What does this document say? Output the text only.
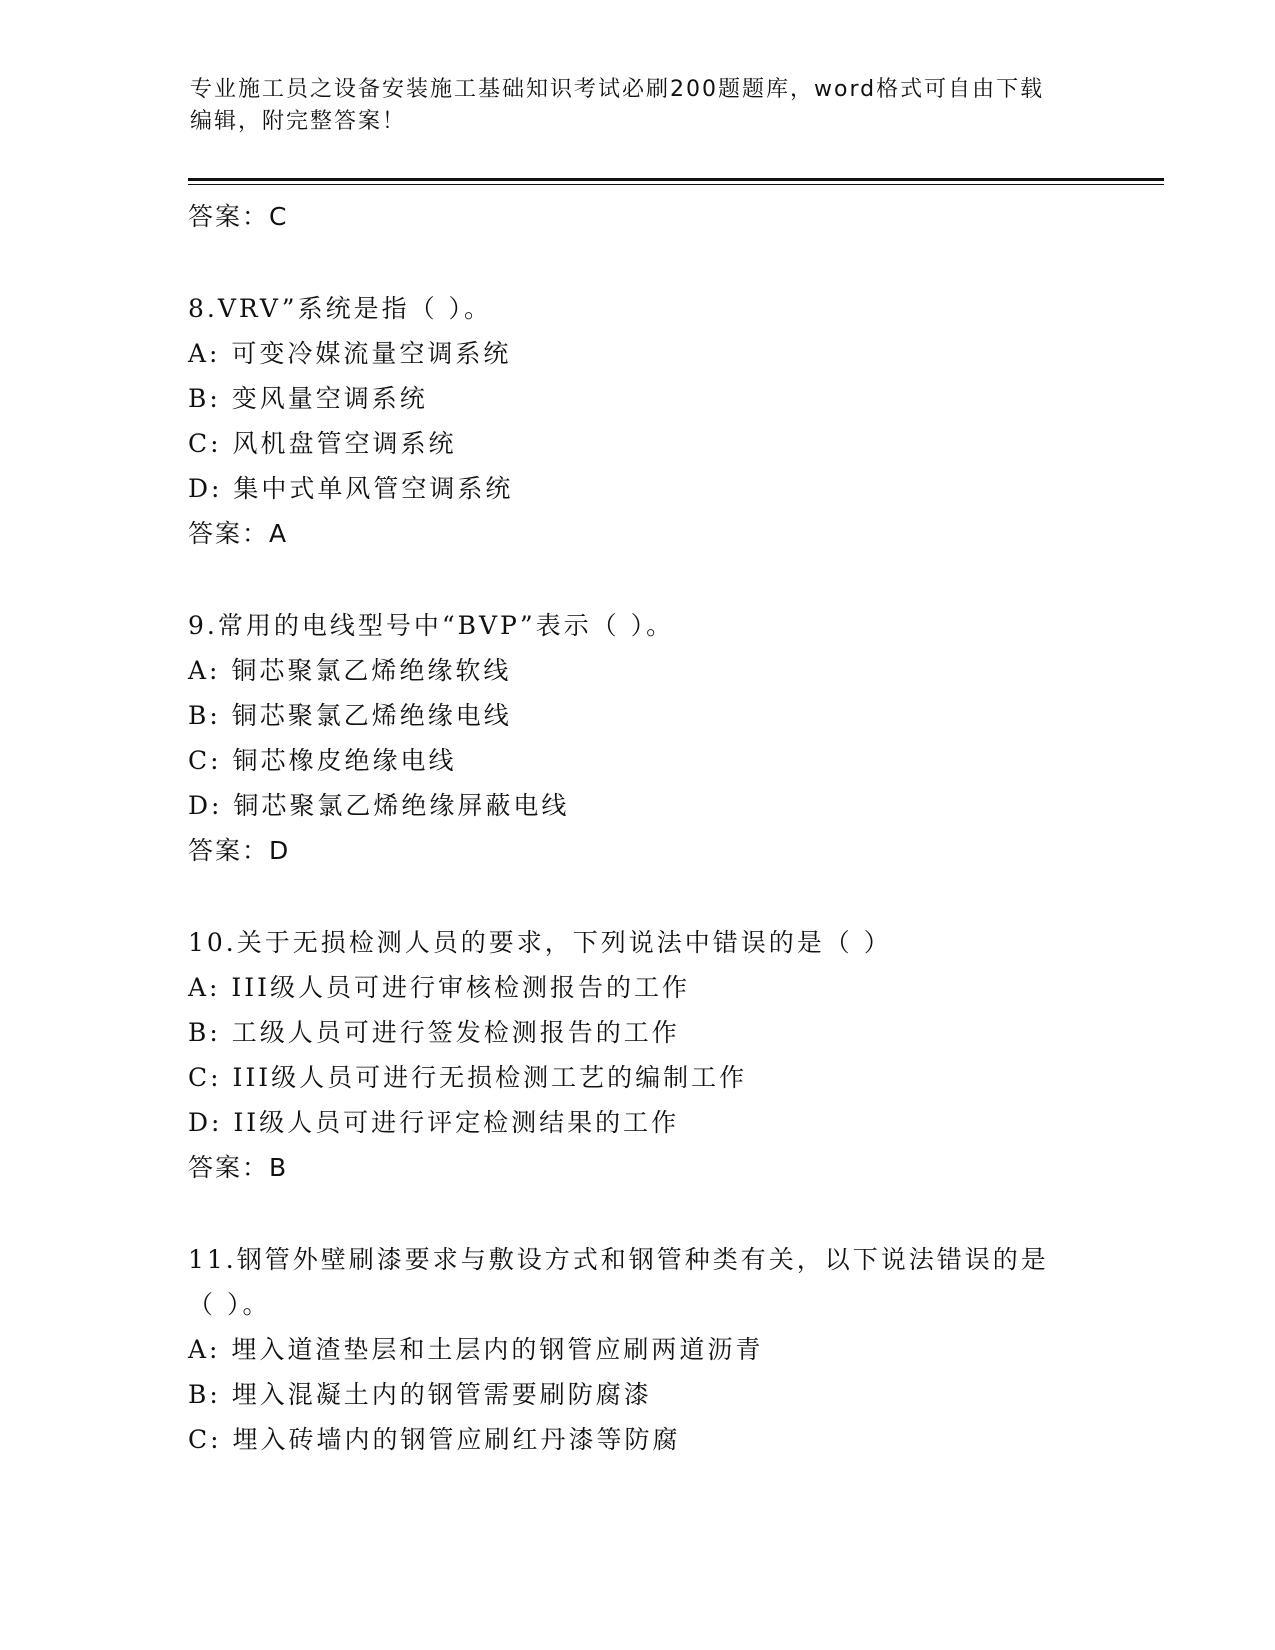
专业施工员之设备安装施工基础知识考试必刷200题题库，word格式可自由下载
编辑，附完整答案！
答案：C
8.VRV”系统是指（ ）。
A: 可变冷媒流量空调系统
B: 变风量空调系统
C: 风机盘管空调系统
D: 集中式单风管空调系统
答案：A
9.常用的电线型号中“BVP”表示（ ）。
A: 铜芯聚氯乙烯绝缘软线
B: 铜芯聚氯乙烯绝缘电线
C: 铜芯橡皮绝缘电线
D: 铜芯聚氯乙烯绝缘屏蔽电线
答案：D
10.关于无损检测人员的要求，下列说法中错误的是（ ）
A: III级人员可进行审核检测报告的工作
B: 工级人员可进行签发检测报告的工作
C: III级人员可进行无损检测工艺的编制工作
D: II级人员可进行评定检测结果的工作
答案：B
11.钢管外壁刷漆要求与敷设方式和钢管种类有关，以下说法错误的是
（ ）。
A: 埋入道渣垫层和土层内的钢管应刷两道沥青
B: 埋入混凝土内的钢管需要刷防腐漆
C: 埋入砖墙内的钢管应刷红丹漆等防腐
